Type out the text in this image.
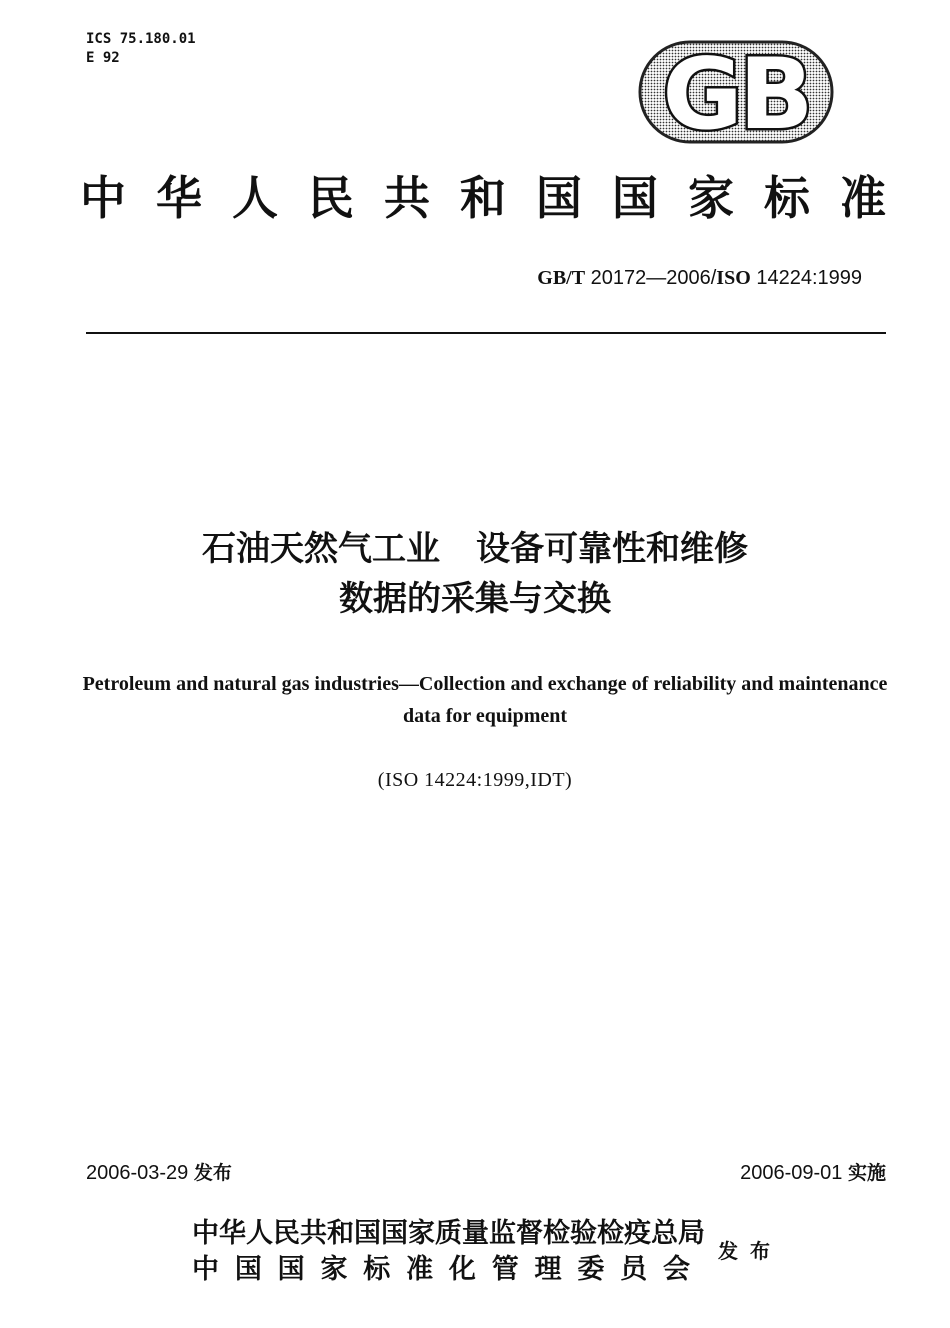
ICS 75.180.01
E 92	GB
中华人民共和国国家标准
GB/T 20172—2006/ISO 14224:1999
石油天然气工业 设备可靠性和维修
数据的采集与交换
Petroleum and natural gas industries—Collection and exchange of reliability and maintenance data for equipment
(ISO 14224:1999,IDT)
2006-03-29 发布	2006-09-01 实施
中华人民共和国国家质量监督检验检疫总局
中国国家标准化管理委员会
发布
